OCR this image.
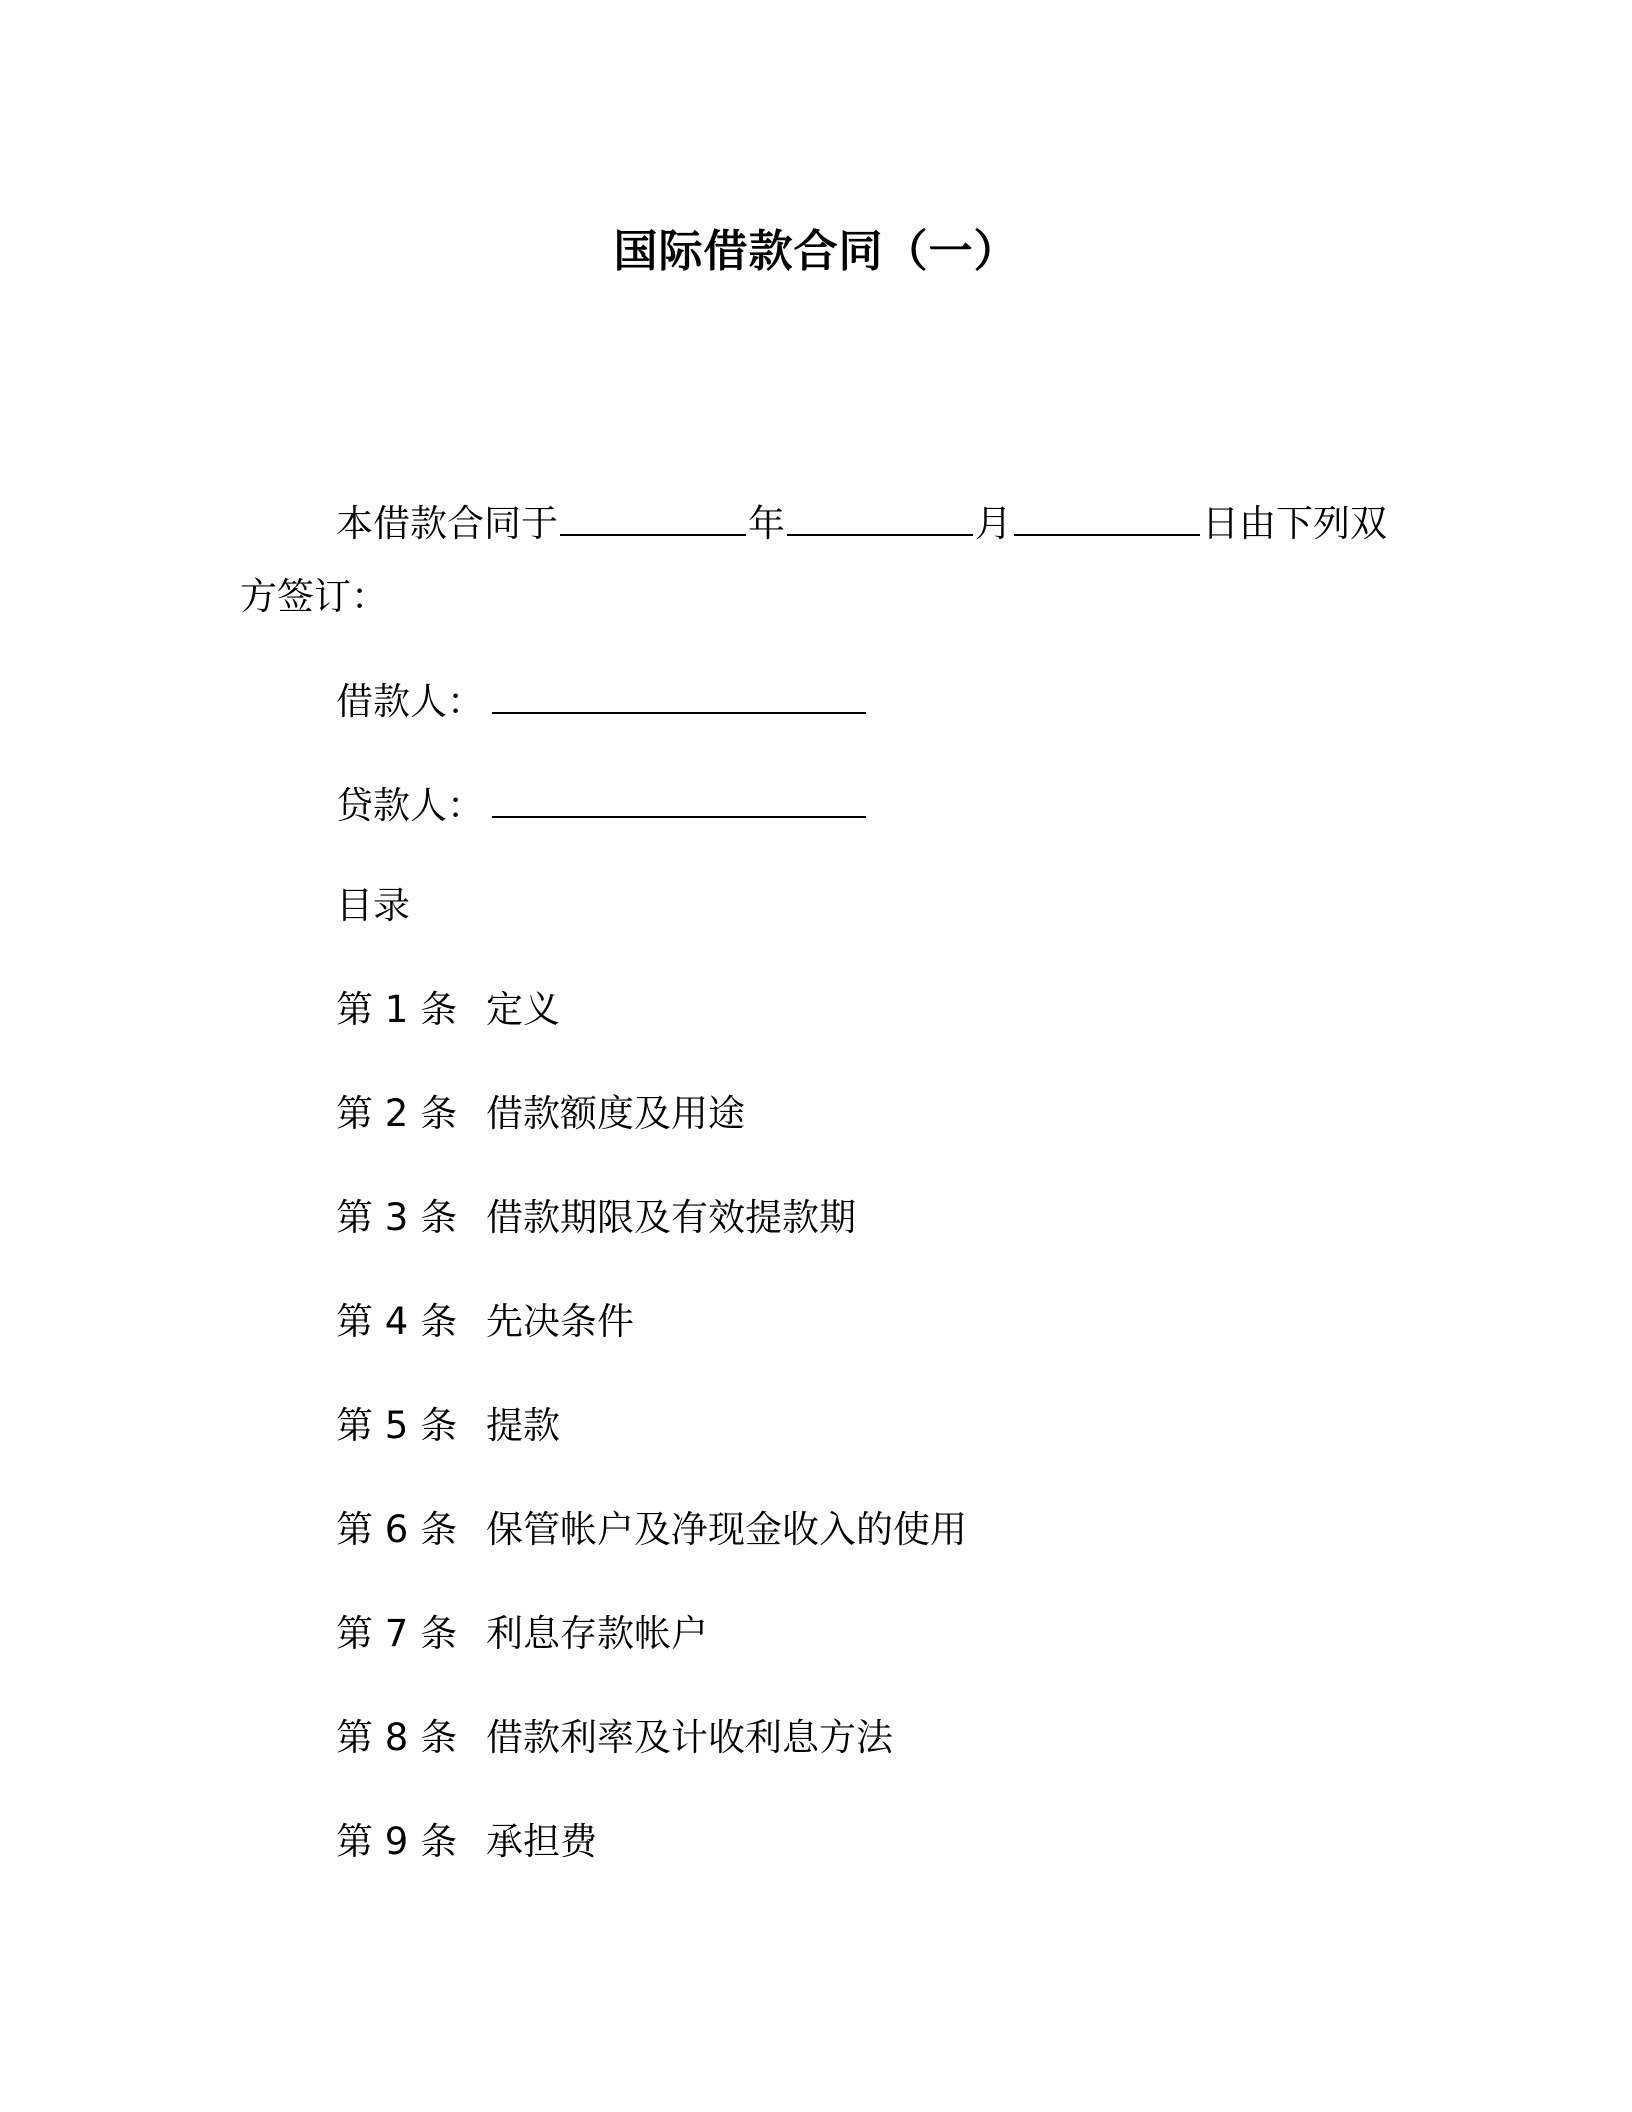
国际借款合同（一）
本借款合同于	年	月	日由下列双
方签订：
借款人：
贷款人：
目录
第 1 条 定义
第 2 条 借款额度及用途
第 3 条 借款期限及有效提款期
第 4 条 先决条件
第 5 条 提款
第 6 条 保管帐户及净现金收入的使用
第 7 条 利息存款帐户
第 8 条 借款利率及计收利息方法
第 9 条 承担费
